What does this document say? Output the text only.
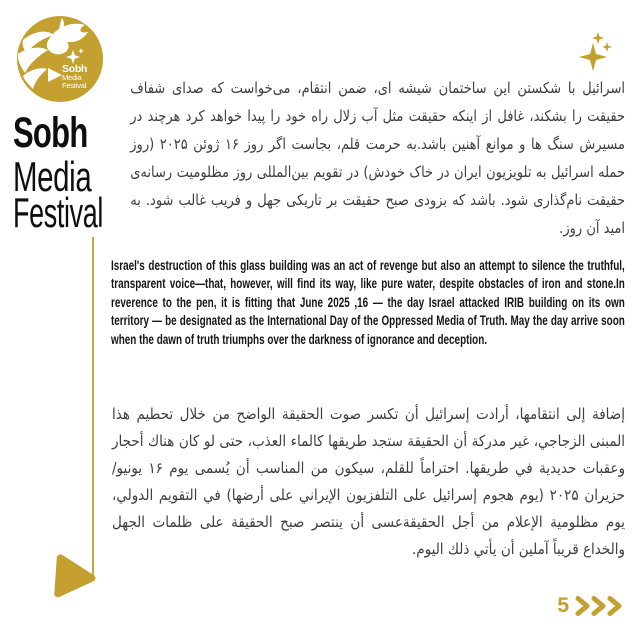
Sobh
Media
Festival
Sobh
Media
Festival

اسرائیل با شکستن این ساختمان شیشه ای، ضمن انتقام، می‌خواست که صدای شفاف حقیقت را بشکند، غافل از اینکه حقیقت مثل آب زلال راه خود را پیدا خواهد کرد هرچند در مسیرش سنگ ها و موانع آهنین باشد.به حرمت قلم، بجاست اگر روز ۱۶ ژوئن ۲۰۲۵ (روز حمله اسرائیل به تلویزیون ایران در خاک خودش) در تقویم بین‌المللی روز مظلومیت رسانه‌ی حقیقت نام‌گذاری شود. باشد که بزودی صبح حقیقت بر تاریکی جهل و فریب غالب شود. به امید آن روز.

Israel's destruction of this glass building was an act of revenge but also an attempt to silence the truthful, transparent voice—that, however, will find its way, like pure water, despite obstacles of iron and stone.In reverence to the pen, it is fitting that June 2025 ,16 — the day Israel attacked IRIB building on its own territory — be designated as the International Day of the Oppressed Media of Truth. May the day arrive soon when the dawn of truth triumphs over the darkness of ignorance and deception.

إضافة إلى انتقامها، أرادت إسرائيل أن تكسر صوت الحقيقة الواضح من خلال تحطيم هذا المبنى الزجاجي، غير مدركة أن الحقيقة ستجد طريقها كالماء العذب، حتى لو كان هناك أحجار وعقبات حديدية في طريقها. احتراماً للقلم، سيكون من المناسب أن يُسمى يوم ۱۶ يونيو/حزيران ۲۰۲۵ (يوم هجوم إسرائيل على التلفزيون الإيراني على أرضها) في التقويم الدولي، يوم مظلومية الإعلام من أجل الحقيقةعسى أن ينتصر صبح الحقيقة على ظلمات الجهل والخداع قريباً آملين أن يأتي ذلك اليوم.

5
